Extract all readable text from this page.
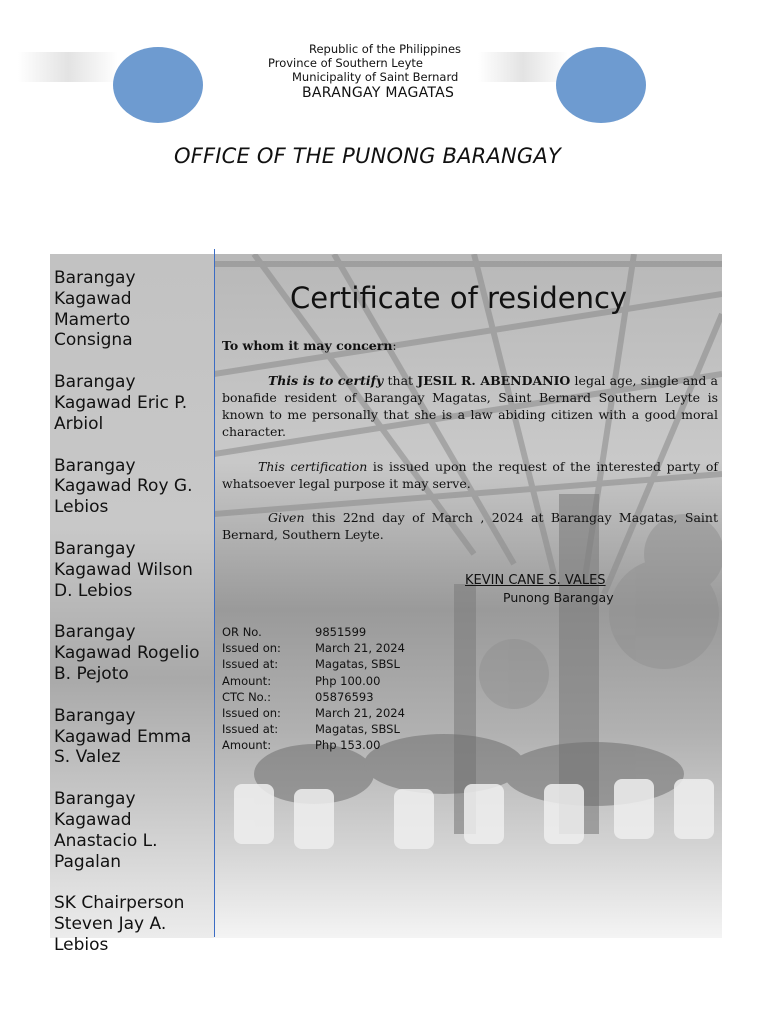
Republic of the Philippines
Province of Southern Leyte
Municipality of Saint Bernard
BARANGAY MAGATAS
OFFICE OF THE PUNONG BARANGAY
Barangay Kagawad Mamerto Consigna
Barangay Kagawad Eric P. Arbiol
Barangay Kagawad Roy G. Lebios
Barangay Kagawad Wilson D. Lebios
Barangay Kagawad Rogelio B. Pejoto
Barangay Kagawad Emma S. Valez
Barangay Kagawad Anastacio L. Pagalan
SK Chairperson Steven Jay A. Lebios
Certificate of residency
To whom it may concern:
This is to certify that JESIL R. ABENDANIO legal age, single and a bonafide resident of Barangay Magatas, Saint Bernard Southern Leyte is known to me personally that she is a law abiding citizen with a good moral character.
This certification is issued upon the request of the interested party of whatsoever legal purpose it may serve.
Given this 22nd day of March , 2024 at Barangay Magatas, Saint Bernard, Southern Leyte.
KEVIN CANE S. VALES
Punong Barangay
OR No.	9851599
Issued on:	March 21, 2024
Issued at:	Magatas, SBSL
Amount:	Php 100.00
CTC No.:	05876593
Issued on:	March 21, 2024
Issued at:	Magatas, SBSL
Amount:	Php 153.00
